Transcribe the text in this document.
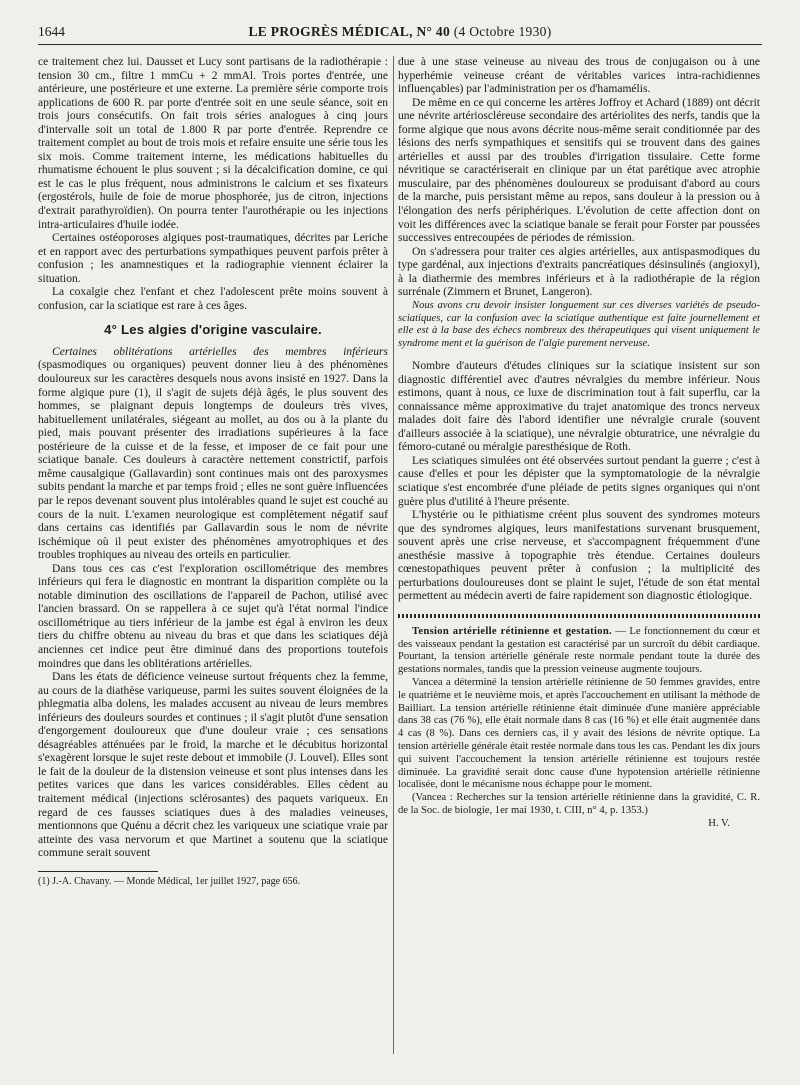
1644	LE PROGRÈS MÉDICAL, N° 40 (4 Octobre 1930)

ce traitement chez lui. Dausset et Lucy sont partisans de la radiothérapie : tension 30 cm., filtre 1 mmCu + 2 mmAl. Trois portes d'entrée, une antérieure, une postérieure et une externe. La première série comporte trois applications de 600 R. par porte d'entrée soit en une seule séance, soit en trois jours consécutifs. On fait trois séries analogues à cinq jours d'intervalle soit un total de 1.800 R par porte d'entrée. Reprendre ce traitement complet au bout de trois mois et refaire ensuite une série tous les six mois. Comme traitement interne, les médications habituelles du rhumatisme échouent le plus souvent ; si la décalcification domine, ce qui est le cas le plus fréquent, nous administrons le calcium et ses fixateurs (ergostérols, huile de foie de morue phosphorée, jus de citron, injections d'extrait parathyroïdien). On pourra tenter l'aurothérapie ou les injections intra-articulaires d'huile iodée.

Certaines ostéoporoses algiques post-traumatiques, décrites par Leriche et en rapport avec des perturbations sympathiques peuvent parfois prêter à confusion ; les anamnestiques et la radiographie viennent éclairer la situation.

La coxalgie chez l'enfant et chez l'adolescent prête moins souvent à confusion, car la sciatique est rare à ces âges.

4° Les algies d'origine vasculaire.

Certaines oblitérations artérielles des membres inférieurs (spasmodiques ou organiques) peuvent donner lieu à des phénomènes douloureux sur les caractères desquels nous avons insisté en 1927. Dans la forme algique pure (1), il s'agit de sujets déjà âgés, le plus souvent des hommes, se plaignant depuis longtemps de douleurs très vives, habituellement unilatérales, siégeant au mollet, au dos ou à la plante du pied, mais pouvant présenter des irradiations supérieures à la face postérieure de la cuisse et de la fesse, et imposer de ce fait pour une sciatique banale. Ces douleurs à caractère nettement constrictif, parfois même causalgique (Gallavardin) sont continues mais ont des paroxysmes subits pendant la marche et par temps froid ; elles ne sont guère influencées par le repos devenant souvent plus intolérables quand le sujet est couché au cours de la nuit. L'examen neurologique est complètement négatif sauf dans certains cas identifiés par Gallavardin sous le nom de névrite ischémique où il peut exister des phénomènes amyotrophiques et des troubles trophiques au niveau des orteils en particulier.

Dans tous ces cas c'est l'exploration oscillométrique des membres inférieurs qui fera le diagnostic en montrant la disparition complète ou la notable diminution des oscillations de l'appareil de Pachon, utilisé avec l'ancien brassard. On se rappellera à ce sujet qu'à l'état normal l'indice oscillométrique au tiers inférieur de la jambe est égal à environ les deux tiers du chiffre obtenu au niveau du bras et que dans les sciatiques déjà anciennes cet indice peut être diminué dans des proportions toutefois moindres que dans les oblitérations artérielles.

Dans les états de déficience veineuse surtout fréquents chez la femme, au cours de la diathèse variqueuse, parmi les suites souvent éloignées de la phlegmatia alba dolens, les malades accusent au niveau de leurs membres inférieurs des douleurs sourdes et continues ; il s'agit plutôt d'une sensation d'engorgement douloureux que d'une douleur vraie ; ces sensations désagréables atténuées par le froid, la marche et le décubitus horizontal s'exagèrent lorsque le sujet reste debout et immobile (J. Louvel). Elles sont le fait de la douleur de la distension veineuse et sont plus intenses dans les petites varices que dans les varices considérables. Elles cèdent au traitement médical (injections sclérosantes) des paquets variqueux. En regard de ces fausses sciatiques dues à des maladies veineuses, mentionnons que Quénu a décrit chez les variqueux une sciatique vraie par atteinte des vasa nervorum et que Martinet a soutenu que la sciatique commune serait souvent

(1) J.-A. Chavany. — Monde Médical, 1er juillet 1927, page 656.

due à une stase veineuse au niveau des trous de conjugaison ou à une hyperhémie veineuse créant de véritables varices intra-rachidiennes influençables) par l'administration per os d'hamamélis.

De même en ce qui concerne les artères Joffroy et Achard (1889) ont décrit une névrite artérioscléreuse secondaire des artériolites des nerfs, tandis que la forme algique que nous avons décrite nous-même serait conditionnée par des lésions des nerfs sympathiques et sensitifs qui se trouvent dans des gaines artérielles et aussi par des troubles d'irrigation tissulaire. Cette forme névritique se caractériserait en clinique par un état parétique avec atrophie musculaire, par des phénomènes douloureux se produisant d'abord au cours de la marche, puis persistant même au repos, sans douleur à la pression ou à l'élongation des nerfs périphériques. L'évolution de cette affection dont on voit les différences avec la sciatique banale se ferait pour Forster par poussées successives entrecoupées de périodes de rémission.

On s'adressera pour traiter ces algies artérielles, aux antispasmodiques du type gardénal, aux injections d'extraits pancréatiques désinsulinés (angioxyl), à la diathermie des membres inférieurs et à la radiothérapie de la région surrénale (Zimmern et Brunet, Langeron).

Nous avons cru devoir insister longuement sur ces diverses variétés de pseudo-sciatiques, car la confusion avec la sciatique authentique est faite journellement et elle est à la base des échecs nombreux des thérapeutiques qui visent uniquement le syndrome ment et la guérison de l'algie purement nerveuse.

Nombre d'auteurs d'études cliniques sur la sciatique insistent sur son diagnostic différentiel avec d'autres névralgies du membre inférieur. Nous estimons, quant à nous, ce luxe de discrimination tout à fait superflu, car la connaissance même approximative du trajet anatomique des troncs nerveux malades doit faire dès l'abord identifier une névralgie crurale (souvent d'ailleurs associée à la sciatique), une névralgie obturatrice, une névralgie du fémoro-cutané ou méralgie paresthésique de Roth.

Les sciatiques simulées ont été observées surtout pendant la guerre ; c'est à cause d'elles et pour les dépister que la symptomatologie de la névralgie sciatique s'est encombrée d'une pléiade de petits signes organiques qui n'ont guère plus d'utilité à l'heure présente.

L'hystérie ou le pithiatisme créent plus souvent des syndromes moteurs que des syndromes algiques, leurs manifestations survenant brusquement, souvent après une crise nerveuse, et s'accompagnent fréquemment d'une anesthésie massive à topographie très étendue. Certaines douleurs cœnestopathiques peuvent prêter à confusion ; la multiplicité des perturbations douloureuses dont se plaint le sujet, l'étude de son état mental permettent au médecin averti de faire rapidement son diagnostic étiologique.

Tension artérielle rétinienne et gestation. — Le fonctionnement du cœur et des vaisseaux pendant la gestation est caractérisé par un surcroît du débit cardiaque. Pourtant, la tension artérielle générale reste normale pendant toute la durée des gestations normales, tandis que la pression veineuse augmente toujours.

Vancea a déterminé la tension artérielle rétinienne de 50 femmes gravides, entre le quatrième et le neuvième mois, et après l'accouchement en utilisant la méthode de Bailliart. La tension artérielle rétinienne était diminuée d'une manière appréciable dans 38 cas (76 %), elle était normale dans 8 cas (16 %) et elle était augmentée dans 4 cas (8 %). Dans ces derniers cas, il y avait des lésions de névrite optique. La tension artérielle générale était restée normale dans tous les cas. Pendant les dix jours qui suivent l'accouchement la tension artérielle rétinienne est toujours restée diminuée. La gravidité serait donc cause d'une hypotension artérielle rétinienne localisée, dont le mécanisme nous échappe pour le moment.

(Vancea : Recherches sur la tension artérielle rétinienne dans la gravidité, C. R. de la Soc. de biologie, 1er mai 1930, t. CIII, n° 4, p. 1353.)

H. V.
